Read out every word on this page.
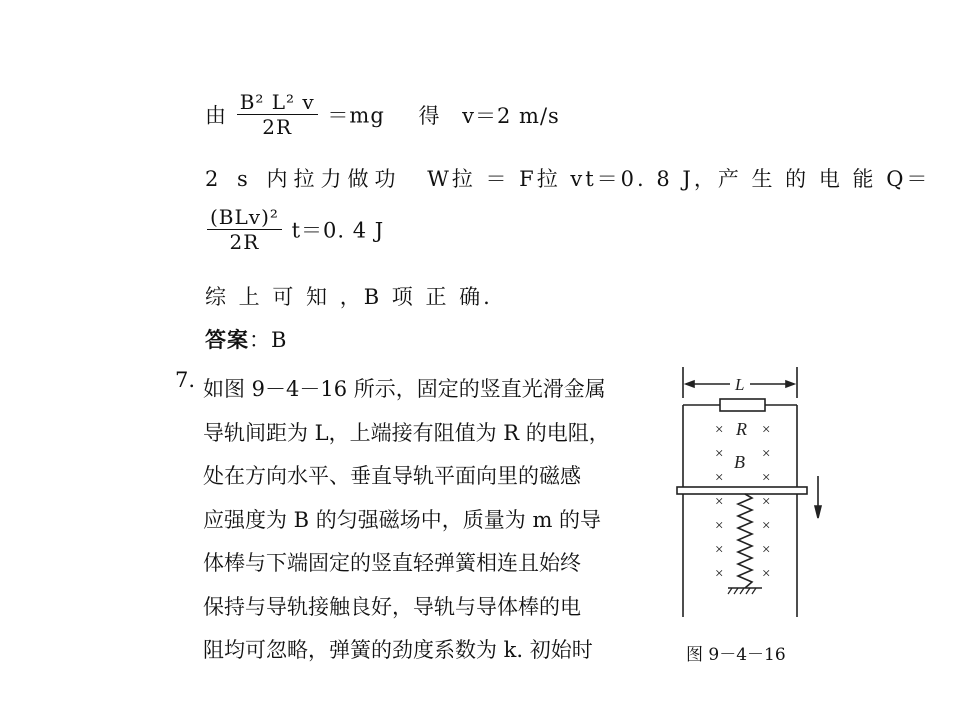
由 $\frac{\text{B² L² v}}{2R} =mg$ 得 v＝2 m/s
2 s 内拉力做功 W拉 ＝ F拉 vt＝0. 8 J，产 生 的 电 能 Q＝
$\frac{\text{(BLv)²}}{2R} t=0$. 4 J
综 上 可 知 ，B 项 正 确.
答案：B
7. 如图 9－4－16 所示，固定的竖直光滑金属
导轨间距为 L，上端接有阻值为 R 的电阻，
处在方向水平、垂直导轨平面向里的磁感
应强度为 B 的匀强磁场中，质量为 m 的导
体棒与下端固定的竖直轻弹簧相连且始终
保持与导轨接触良好，导轨与导体棒的电
阻均可忽略，弹簧的劲度系数为 k. 初始时
L
R
B
×	×
×	×
×	×
×	×
×	×
×	×
×	×
图 9－4－16
